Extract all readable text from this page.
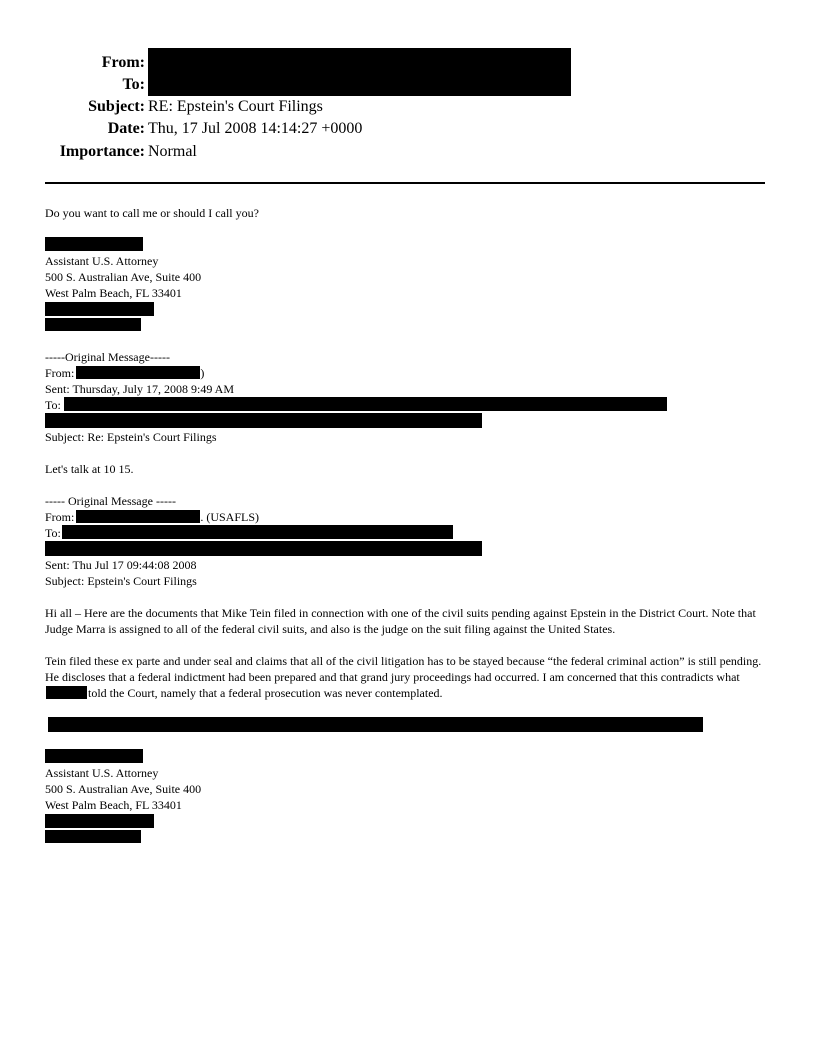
From:
To:
Subject: RE: Epstein's Court Filings
Date: Thu, 17 Jul 2008 14:14:27 +0000
Importance: Normal
Do you want to call me or should I call you?
Assistant U.S. Attorney
500 S. Australian Ave, Suite 400
West Palm Beach, FL 33401
-----Original Message-----
From:	)
Sent: Thursday, July 17, 2008 9:49 AM
To:
Subject: Re: Epstein's Court Filings
Let's talk at 10 15.
----- Original Message -----
From:	. (USAFLS)
To:
Sent: Thu Jul 17 09:44:08 2008
Subject: Epstein's Court Filings
Hi all – Here are the documents that Mike Tein filed in connection with one of the civil suits pending against Epstein in the District Court. Note that Judge Marra is assigned to all of the federal civil suits, and also is the judge on the suit filing against the United States.
Tein filed these ex parte and under seal and claims that all of the civil litigation has to be stayed because “the federal criminal action” is still pending. He discloses that a federal indictment had been prepared and that grand jury proceedings had occurred. I am concerned that this contradicts whattold the Court, namely that a federal prosecution was never contemplated.
Assistant U.S. Attorney
500 S. Australian Ave, Suite 400
West Palm Beach, FL 33401
